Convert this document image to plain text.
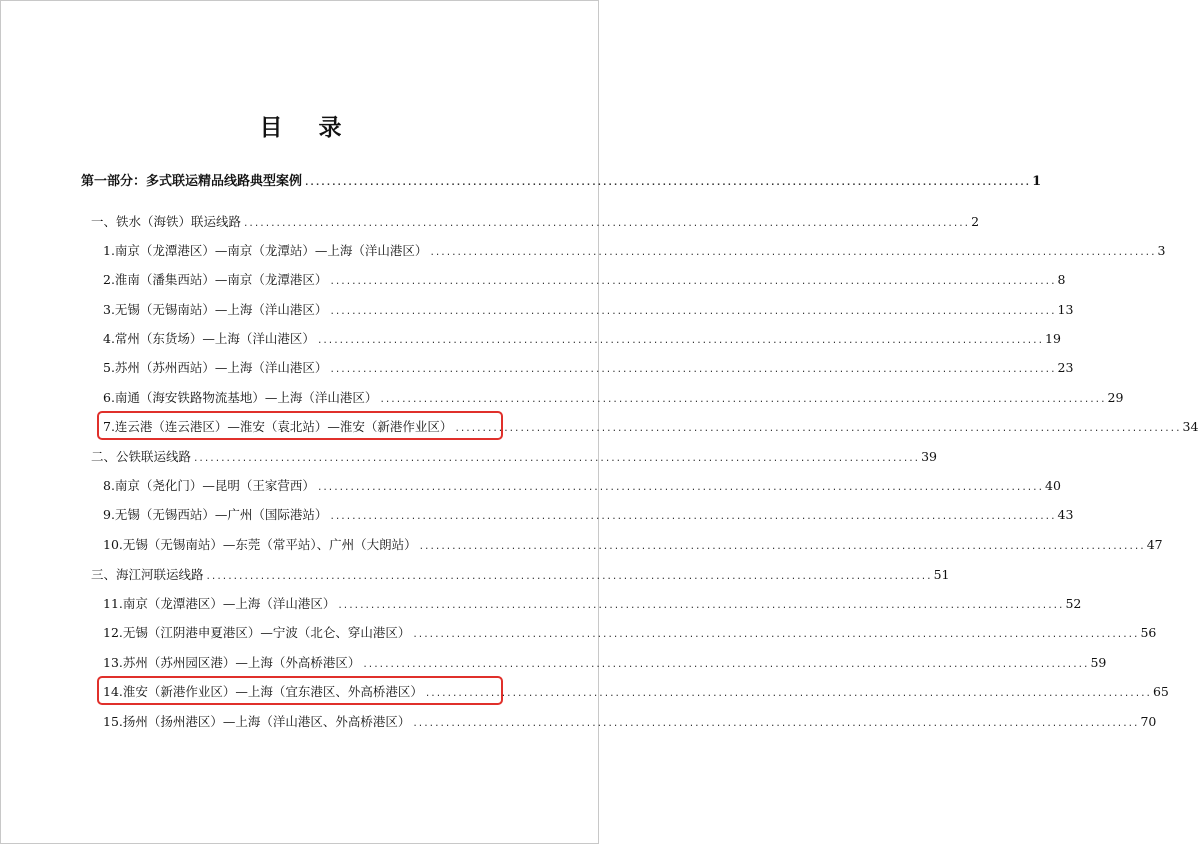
目 录
第一部分：多式联运精品线路典型案例 ...................................................................................................................................... 1
一、铁水（海铁）联运线路 ...................................................................................................................................... 2
1.南京（龙潭港区）—南京（龙潭站）—上海（洋山港区） ...................................................................................................................................... 3
2.淮南（潘集西站）—南京（龙潭港区） ...................................................................................................................................... 8
3.无锡（无锡南站）—上海（洋山港区） ...................................................................................................................................... 13
4.常州（东货场）—上海（洋山港区） ...................................................................................................................................... 19
5.苏州（苏州西站）—上海（洋山港区） ...................................................................................................................................... 23
6.南通（海安铁路物流基地）—上海（洋山港区） ...................................................................................................................................... 29
7.连云港（连云港区）—淮安（袁北站）—淮安（新港作业区） ...................................................................................................................................... 34
二、公铁联运线路 ...................................................................................................................................... 39
8.南京（尧化门）—昆明（王家营西） ...................................................................................................................................... 40
9.无锡（无锡西站）—广州（国际港站） ...................................................................................................................................... 43
10.无锡（无锡南站）—东莞（常平站）、广州（大朗站） ...................................................................................................................................... 47
三、海江河联运线路 ...................................................................................................................................... 51
11.南京（龙潭港区）—上海（洋山港区） ...................................................................................................................................... 52
12.无锡（江阴港申夏港区）—宁波（北仑、穿山港区） ...................................................................................................................................... 56
13.苏州（苏州园区港）—上海（外高桥港区） ...................................................................................................................................... 59
14.淮安（新港作业区）—上海（宜东港区、外高桥港区） ...................................................................................................................................... 65
15.扬州（扬州港区）—上海（洋山港区、外高桥港区） ...................................................................................................................................... 70
